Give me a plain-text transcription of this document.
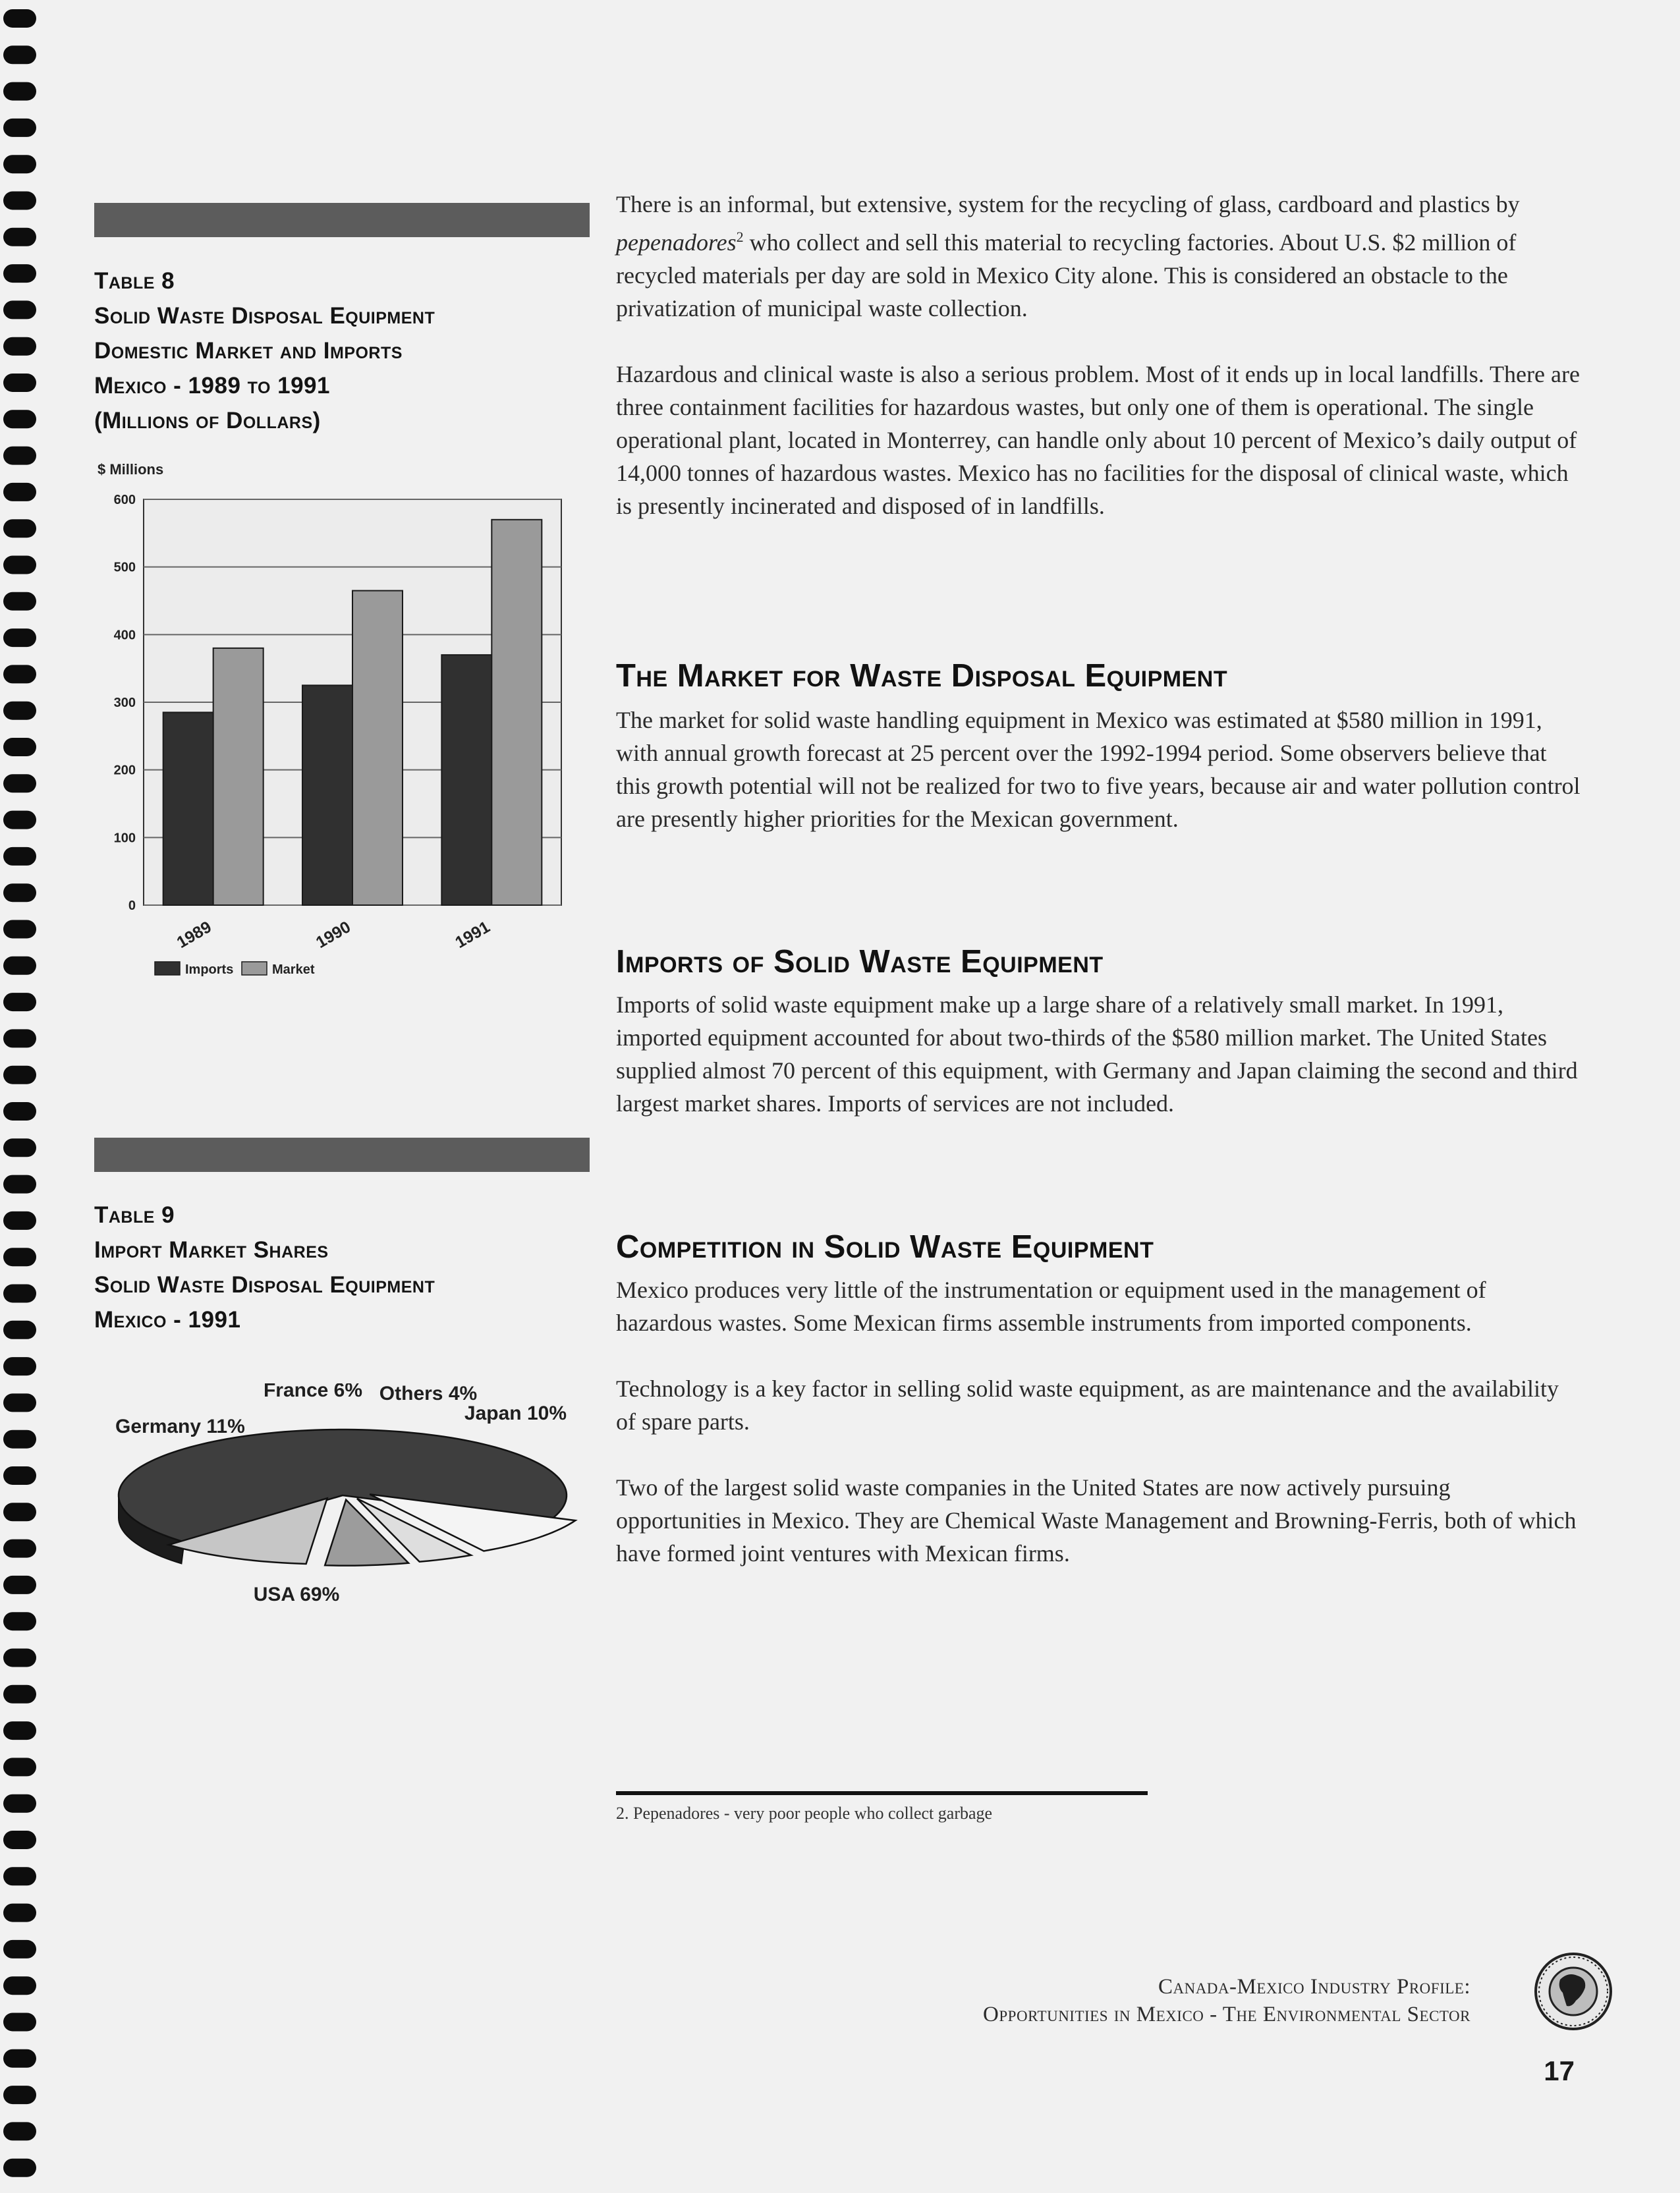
Table 8
Solid Waste Disposal Equipment
Domestic Market and Imports
Mexico - 1989 to 1991
(Millions of Dollars)
$ Millions
0
100
200
300
400
500
600
1989	1990	1991
Imports	Market
Table 9
Import Market Shares
Solid Waste Disposal Equipment
Mexico - 1991
USA 69%
Japan 10%
Others 4%
France 6%
Germany 11%

There is an informal, but extensive, system for the recycling of glass, cardboard and plastics by pepenadores$^2$ who collect and sell this material to recycling factories. About U.S. $2 million of recycled materials per day are sold in Mexico City alone. This is considered an obstacle to the privatization of municipal waste collection.

Hazardous and clinical waste is also a serious problem. Most of it ends up in local landfills. There are three containment facilities for hazardous wastes, but only one of them is operational. The single operational plant, located in Monterrey, can handle only about 10 percent of Mexico’s daily output of 14,000 tonnes of hazardous wastes. Mexico has no facilities for the disposal of clinical waste, which is presently incinerated and disposed of in landfills.

The Market for Waste Disposal Equipment

The market for solid waste handling equipment in Mexico was estimated at $580 million in 1991, with annual growth forecast at 25 percent over the 1992-1994 period. Some observers believe that this growth potential will not be realized for two to five years, because air and water pollution control are presently higher priorities for the Mexican government.

Imports of Solid Waste Equipment

Imports of solid waste equipment make up a large share of a relatively small market. In 1991, imported equipment accounted for about two-thirds of the $580 million market. The United States supplied almost 70 percent of this equipment, with Germany and Japan claiming the second and third largest market shares. Imports of services are not included.

Competition in Solid Waste Equipment

Mexico produces very little of the instrumentation or equipment used in the management of hazardous wastes. Some Mexican firms assemble instruments from imported components.

Technology is a key factor in selling solid waste equipment, as are maintenance and the availability of spare parts.

Two of the largest solid waste companies in the United States are now actively pursuing opportunities in Mexico. They are Chemical Waste Management and Browning-Ferris, both of which have formed joint ventures with Mexican firms.

2. Pepenadores - very poor people who collect garbage
Canada-Mexico Industry Profile:
Opportunities in Mexico - The Environmental Sector
17
